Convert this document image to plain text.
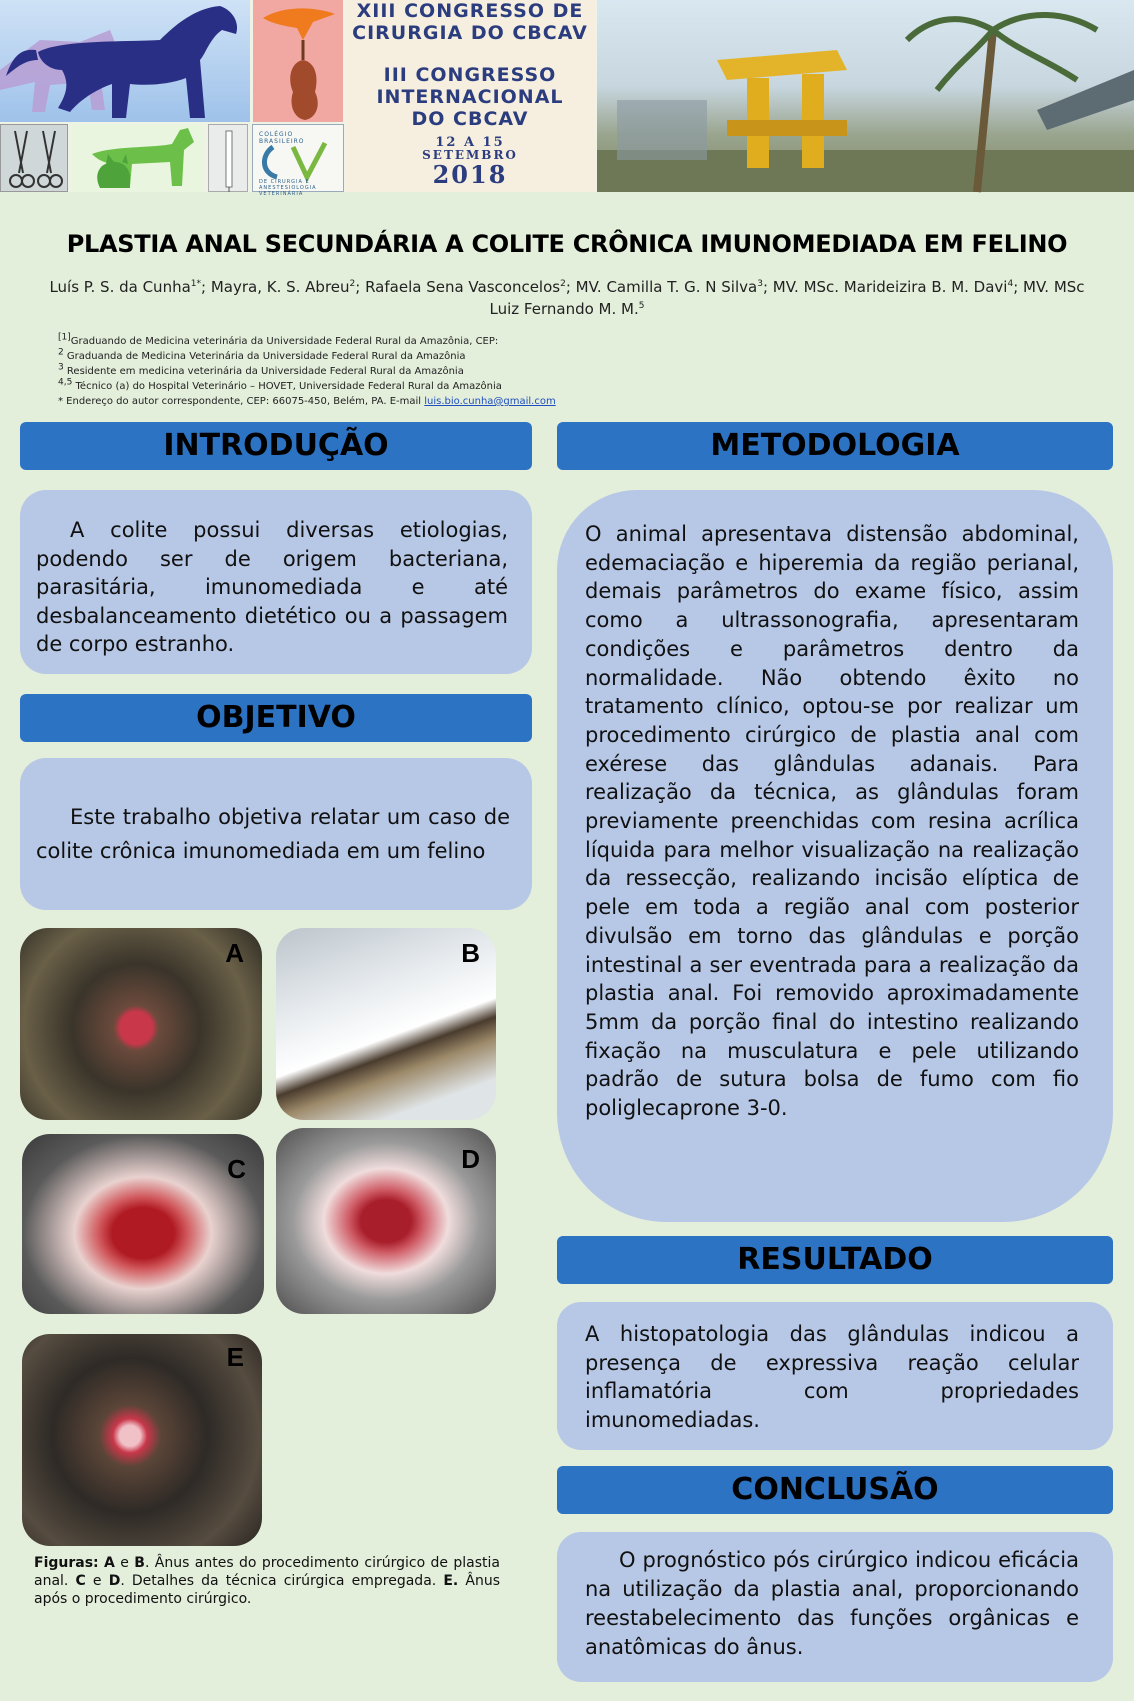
COLÉGIO BRASILEIRO
DE CIRURGIA E ANESTESIOLOGIA VETERINÁRIA
XIII CONGRESSO DE
CIRURGIA DO CBCAV
III CONGRESSO
INTERNACIONAL
DO CBCAV
12 A 15
SETEMBRO
2018
PLASTIA ANAL SECUNDÁRIA A COLITE CRÔNICA IMUNOMEDIADA EM FELINO
Luís P. S. da Cunha$^{1*}$; Mayra, K. S. Abreu$^2$; Rafaela Sena Vasconcelos$^2$; MV. Camilla T. G. N Silva$^3$; MV. MSc. Marideizira B. M. Davi$^4$; MV. MSc Luiz Fernando M. M.$^5$
[1]Graduando de Medicina veterinária da Universidade Federal Rural da Amazônia, CEP:
$^2$ Graduanda de Medicina Veterinária da Universidade Federal Rural da Amazônia
$^3$ Residente em medicina veterinária da Universidade Federal Rural da Amazônia
$^{4,5}$ Técnico (a) do Hospital Veterinário – HOVET, Universidade Federal Rural da Amazônia
* Endereço do autor correspondente, CEP: 66075-450, Belém, PA. E-mail luis.bio.cunha@gmail.com
INTRODUÇÃO

A colite possui diversas etiologias, podendo ser de origem bacteriana, parasitária, imunomediada e até desbalanceamento dietético ou a passagem de corpo estranho.

OBJETIVO

Este trabalho objetiva relatar um caso de colite crônica imunomediada em um felino

A	B
C	D
E

Figuras: A e B. Ânus antes do procedimento cirúrgico de plastia anal. C e D. Detalhes da técnica cirúrgica empregada. E. Ânus após o procedimento cirúrgico.

METODOLOGIA

O animal apresentava distensão abdominal, edemaciação e hiperemia da região perianal, demais parâmetros do exame físico, assim como a ultrassonografia, apresentaram condições e parâmetros dentro da normalidade. Não obtendo êxito no tratamento clínico, optou-se por realizar um procedimento cirúrgico de plastia anal com exérese das glândulas adanais. Para realização da técnica, as glândulas foram previamente preenchidas com resina acrílica líquida para melhor visualização na realização da ressecção, realizando incisão elíptica de pele em toda a região anal com posterior divulsão em torno das glândulas e porção intestinal a ser eventrada para a realização da plastia anal. Foi removido aproximadamente 5mm da porção final do intestino realizando fixação na musculatura e pele utilizando padrão de sutura bolsa de fumo com fio poliglecaprone 3-0.

RESULTADO

A histopatologia das glândulas indicou a presença de expressiva reação celular inflamatória com propriedades imunomediadas.

CONCLUSÃO

O prognóstico pós cirúrgico indicou eficácia na utilização da plastia anal, proporcionando reestabelecimento das funções orgânicas e anatômicas do ânus.
